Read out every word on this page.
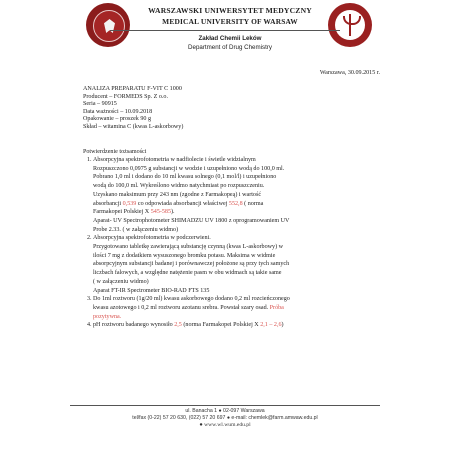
WARSZAWSKI UNIWERSYTET MEDYCZNY
MEDICAL UNIVERSITY OF WARSAW
Zakład Chemii Leków
Department of Drug Chemistry
Warszawa, 30.09.2015 r.
ANALIZA PREPARATU F-VIT C 1000
Producent – FORMEDS Sp. Z o.o.
Seria – 90915
Data ważności – 10.09.2018
Opakowanie – proszek 90 g
Skład – witamina C (kwas L-askorbowy)
Potwierdzenie tożsamości
1. Absorpcyjna spektrofotometria w nadfiolecie i świetle widzialnym

Rozpuszczono 0,0975 g substancji w wodzie i uzupełniono wodą do 100,0 ml.

Pobrano 1,0 ml i dodano do 10 ml kwasu solnego (0,1 mol/l) i uzupełniono

wodą do 100,0 ml. Wykreślono widmo natychmiast po rozpuszczeniu.

Uzyskano maksimum przy 243 nm (zgodne z Farmakopeą) i wartość

absorbancji 0,539 co odpowiada absorbancji właściwej 552,8 ( norma

Farmakopei Polskiej X 545-585).

Aparat- UV Spectrophotometer SHIMADZU UV 1800 z oprogramowaniem UV

Probe 2.33. ( w załączeniu widmo)

2. Absorpcyjna spektrofotometria w podczerwieni.

Przygotowano tabletkę zawierającą substancję czynną (kwas L-askorbowy) w

ilości 7 mg z dodatkiem wysuszonego bromku potasu. Maksima w widmie

absorpcyjnym substancji badanej i porównawczej położone są przy tych samych

liczbach falowych, a względne natężenie pasm w obu widmach są takie same

( w załączeniu widmo)

Aparat FT-IR Spectrometer BIO-RAD FTS 135

3. Do 1ml roztworu (1g/20 ml) kwasu askorbowego dodano 0,2 ml rozcieńczonego

kwasu azotowego i 0,2 ml roztworu azotanu srebra. Powstał szary osad. Próba

pozytywna.

4. pH roztworu badanego wynosiło 2,5 (norma Farmakopei Polskiej X 2,1 – 2,6)

ul. Banacha 1 ● 02-097 Warszawa
tel/fax (0-22) 57 20 630, (022) 57 20 697 ● e-mail: chemlek@farm.amwaw.edu.pl
● www.wl.wum.edu.pl
